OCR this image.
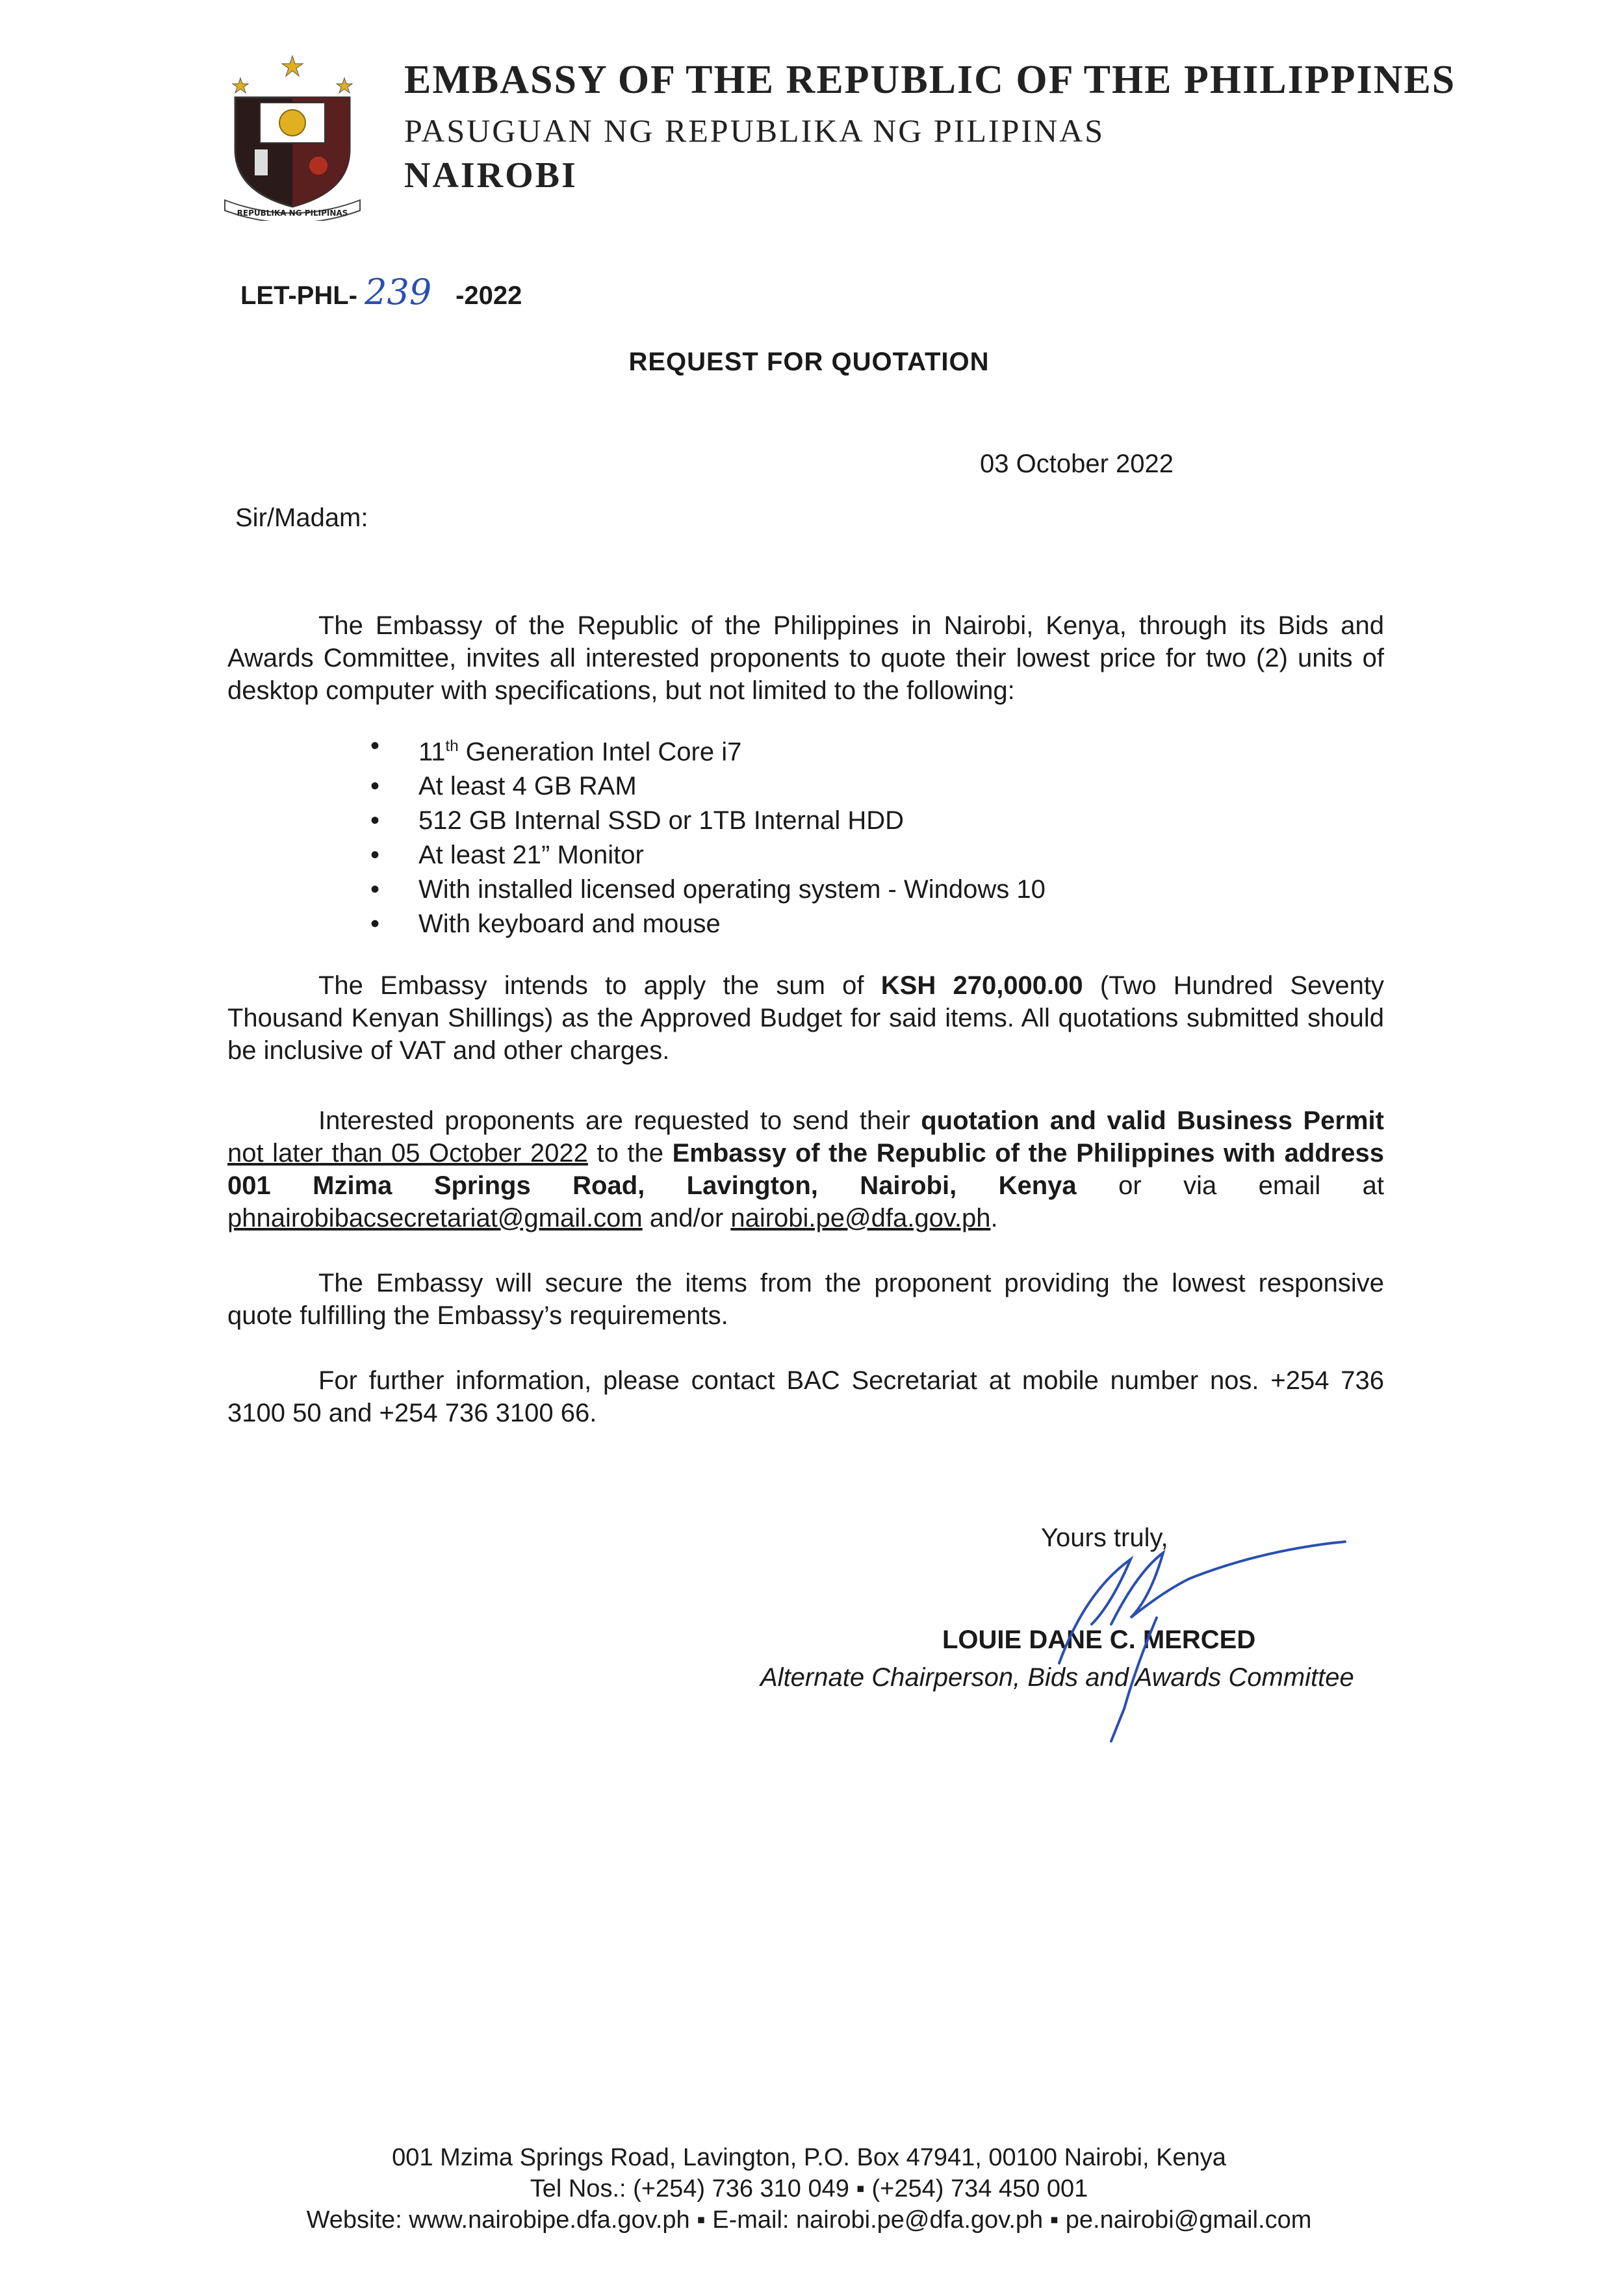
REPUBLIKA NG PILIPINAS
EMBASSY OF THE REPUBLIC OF THE PHILIPPINES
PASUGUAN NG REPUBLIKA NG PILIPINAS
NAIROBI
LET-PHL- 239 -2022
REQUEST FOR QUOTATION
03 October 2022
Sir/Madam:

The Embassy of the Republic of the Philippines in Nairobi, Kenya, through its Bids and Awards Committee, invites all interested proponents to quote their lowest price for two (2) units of desktop computer with specifications, but not limited to the following:

• 11th Generation Intel Core i7
• At least 4 GB RAM
• 512 GB Internal SSD or 1TB Internal HDD
• At least 21” Monitor
• With installed licensed operating system - Windows 10
• With keyboard and mouse

The Embassy intends to apply the sum of KSH 270,000.00 (Two Hundred Seventy Thousand Kenyan Shillings) as the Approved Budget for said items. All quotations submitted should be inclusive of VAT and other charges.

Interested proponents are requested to send their quotation and valid Business Permit not later than 05 October 2022 to the Embassy of the Republic of the Philippines with address 001 Mzima Springs Road, Lavington, Nairobi, Kenya or via email at phnairobibacsecretariat@gmail.com and/or nairobi.pe@dfa.gov.ph.

The Embassy will secure the items from the proponent providing the lowest responsive quote fulfilling the Embassy’s requirements.

For further information, please contact BAC Secretariat at mobile number nos. +254 736 3100 50 and +254 736 3100 66.

Yours truly,
LOUIE DANE C. MERCED
Alternate Chairperson, Bids and Awards Committee
001 Mzima Springs Road, Lavington, P.O. Box 47941, 00100 Nairobi, Kenya
Tel Nos.: (+254) 736 310 049 ▪ (+254) 734 450 001
Website: www.nairobipe.dfa.gov.ph ▪ E-mail: nairobi.pe@dfa.gov.ph ▪ pe.nairobi@gmail.com
